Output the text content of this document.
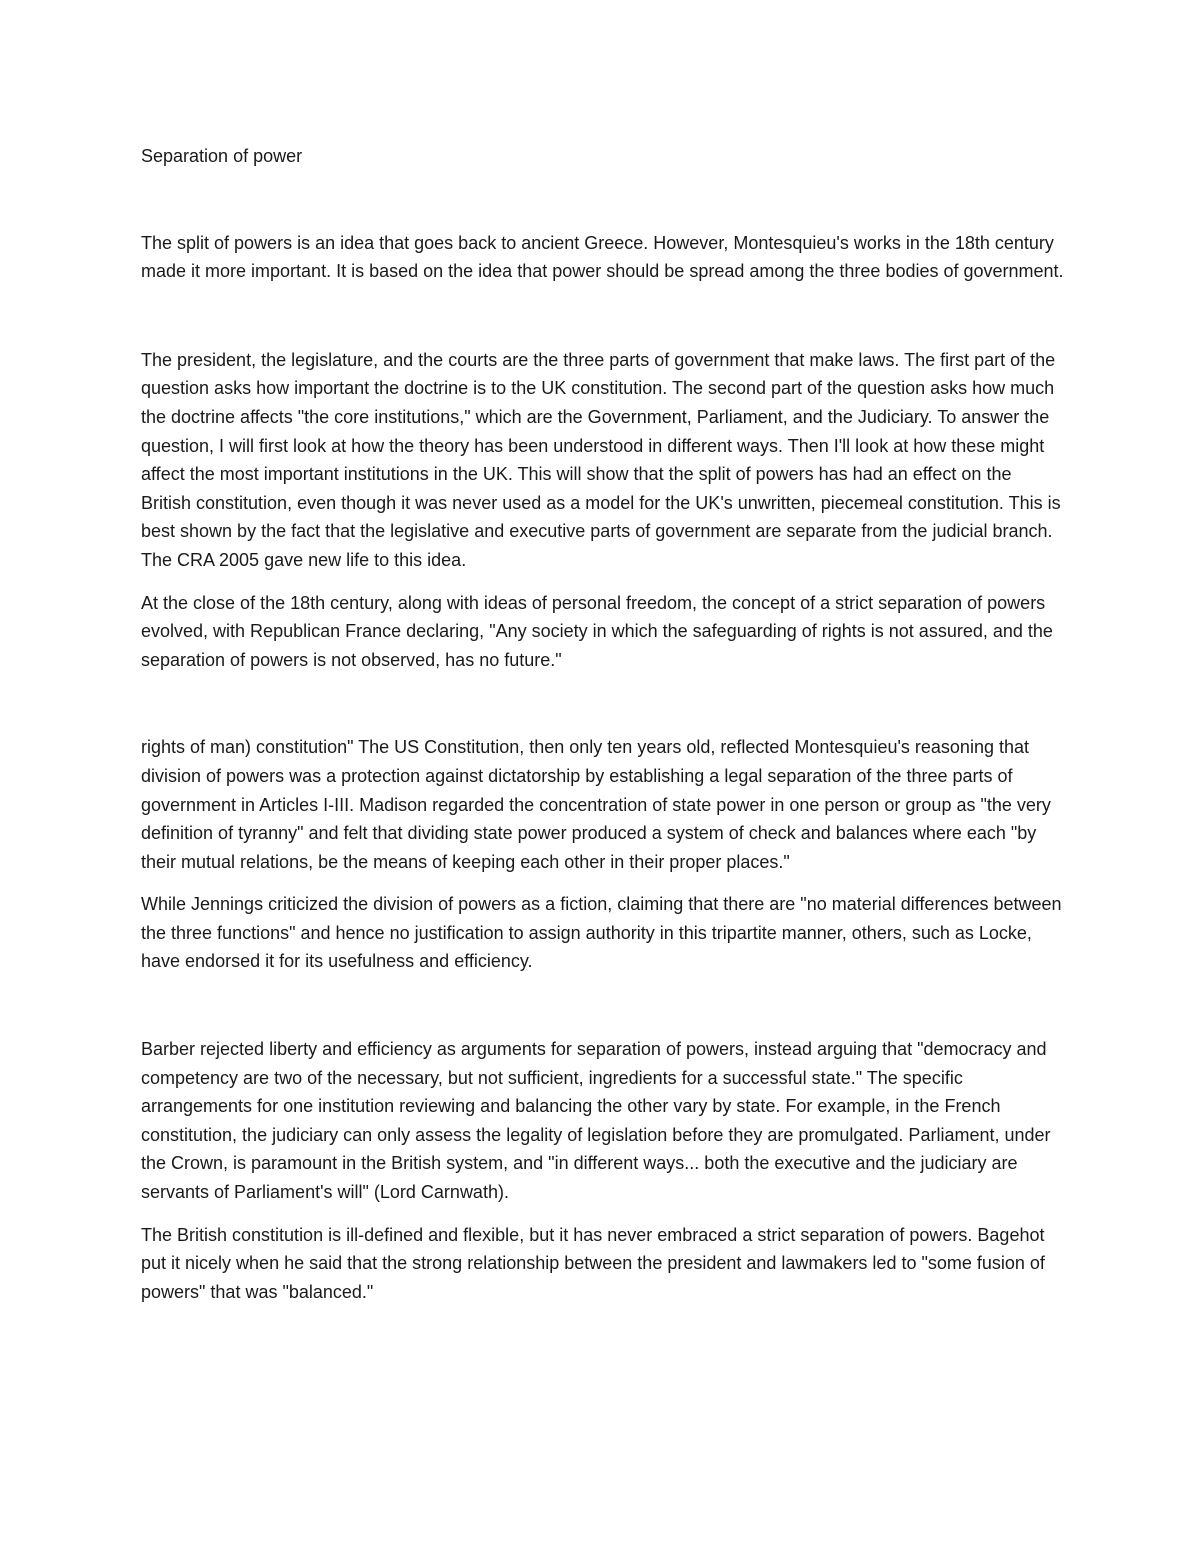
Separation of power

The split of powers is an idea that goes back to ancient Greece. However, Montesquieu's works in the 18th century made it more important. It is based on the idea that power should be spread among the three bodies of government.

The president, the legislature, and the courts are the three parts of government that make laws. The first part of the question asks how important the doctrine is to the UK constitution. The second part of the question asks how much the doctrine affects "the core institutions," which are the Government, Parliament, and the Judiciary. To answer the question, I will first look at how the theory has been understood in different ways. Then I'll look at how these might affect the most important institutions in the UK. This will show that the split of powers has had an effect on the British constitution, even though it was never used as a model for the UK's unwritten, piecemeal constitution. This is best shown by the fact that the legislative and executive parts of government are separate from the judicial branch. The CRA 2005 gave new life to this idea.

At the close of the 18th century, along with ideas of personal freedom, the concept of a strict separation of powers evolved, with Republican France declaring, "Any society in which the safeguarding of rights is not assured, and the separation of powers is not observed, has no future."

rights of man) constitution" The US Constitution, then only ten years old, reflected Montesquieu's reasoning that division of powers was a protection against dictatorship by establishing a legal separation of the three parts of government in Articles I-III. Madison regarded the concentration of state power in one person or group as "the very definition of tyranny" and felt that dividing state power produced a system of check and balances where each "by their mutual relations, be the means of keeping each other in their proper places."

While Jennings criticized the division of powers as a fiction, claiming that there are "no material differences between the three functions" and hence no justification to assign authority in this tripartite manner, others, such as Locke, have endorsed it for its usefulness and efficiency.

Barber rejected liberty and efficiency as arguments for separation of powers, instead arguing that "democracy and competency are two of the necessary, but not sufficient, ingredients for a successful state." The specific arrangements for one institution reviewing and balancing the other vary by state. For example, in the French constitution, the judiciary can only assess the legality of legislation before they are promulgated. Parliament, under the Crown, is paramount in the British system, and "in different ways... both the executive and the judiciary are servants of Parliament's will" (Lord Carnwath).

The British constitution is ill-defined and flexible, but it has never embraced a strict separation of powers. Bagehot put it nicely when he said that the strong relationship between the president and lawmakers led to "some fusion of powers" that was "balanced."
